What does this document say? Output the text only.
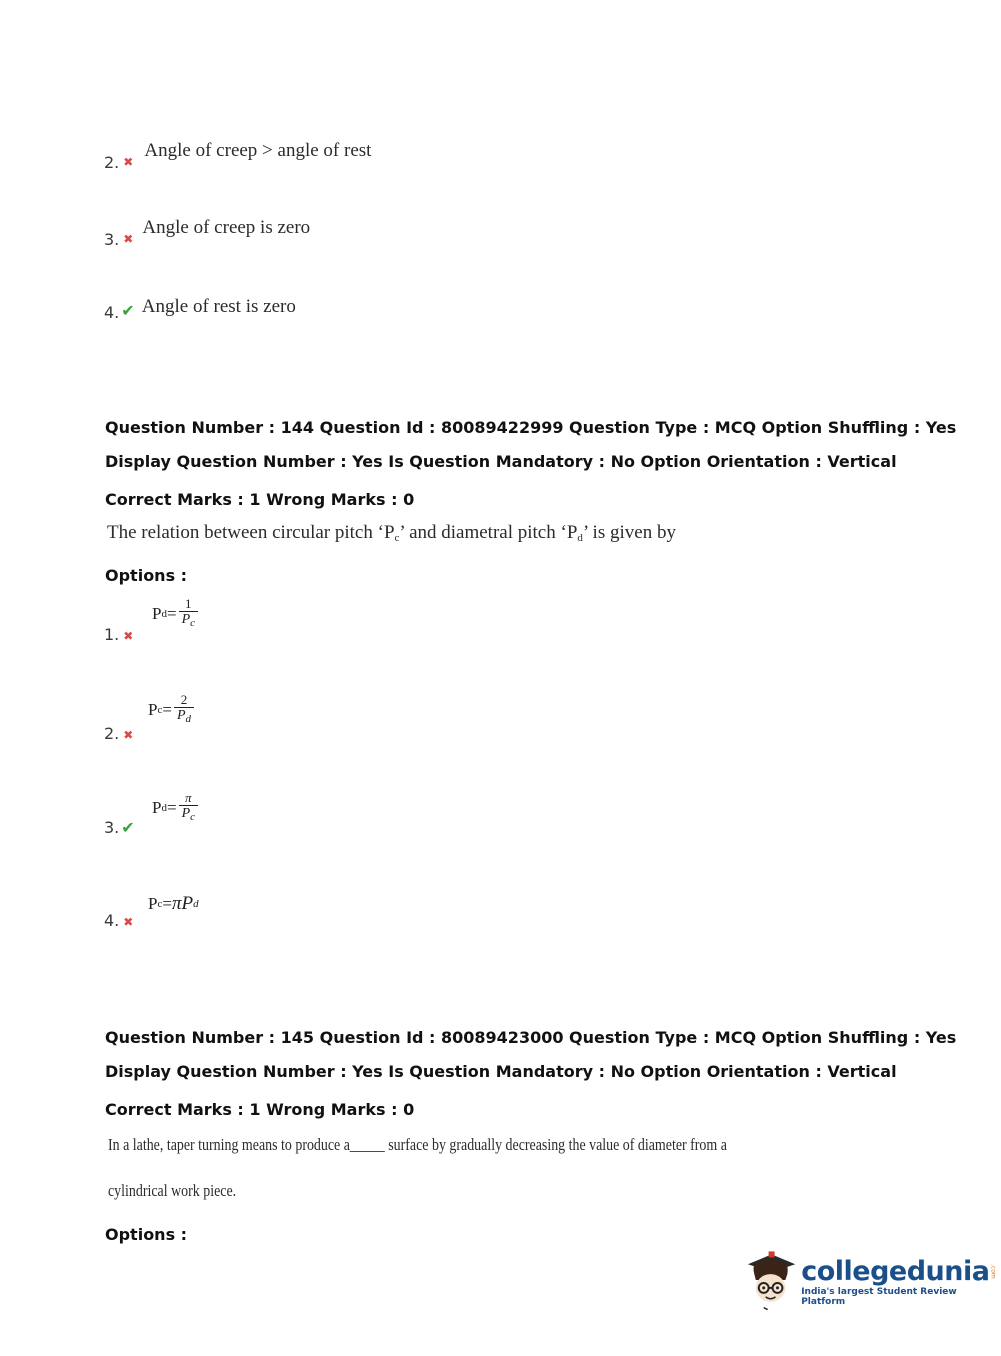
2. $_✖$ Angle of creep > angle of rest
3. $_✖$ Angle of creep is zero
4. ✔ Angle of rest is zero
Question Number : 144 Question Id : 80089422999 Question Type : MCQ Option Shuffling : Yes
Display Question Number : Yes Is Question Mandatory : No Option Orientation : Vertical
Correct Marks : 1 Wrong Marks : 0
The relation between circular pitch ‘$P_c$’ and diametral pitch ‘$P_d$’ is given by
Options :
1. ✖
P $d = \frac{1}{P_c}$
2. ✖
P $c = \frac{2}{P_d}$
3. ✔
P $d = \frac{\pi}{P_c}$
4. ✖
P c = πP d
Question Number : 145 Question Id : 80089423000 Question Type : MCQ Option Shuffling : Yes
Display Question Number : Yes Is Question Mandatory : No Option Orientation : Vertical
Correct Marks : 1 Wrong Marks : 0
In a lathe, taper turning means to produce a_____ surface by gradually decreasing the value of diameter from a
cylindrical work piece.
Options :
collegedunia .com
India's largest Student Review Platform
